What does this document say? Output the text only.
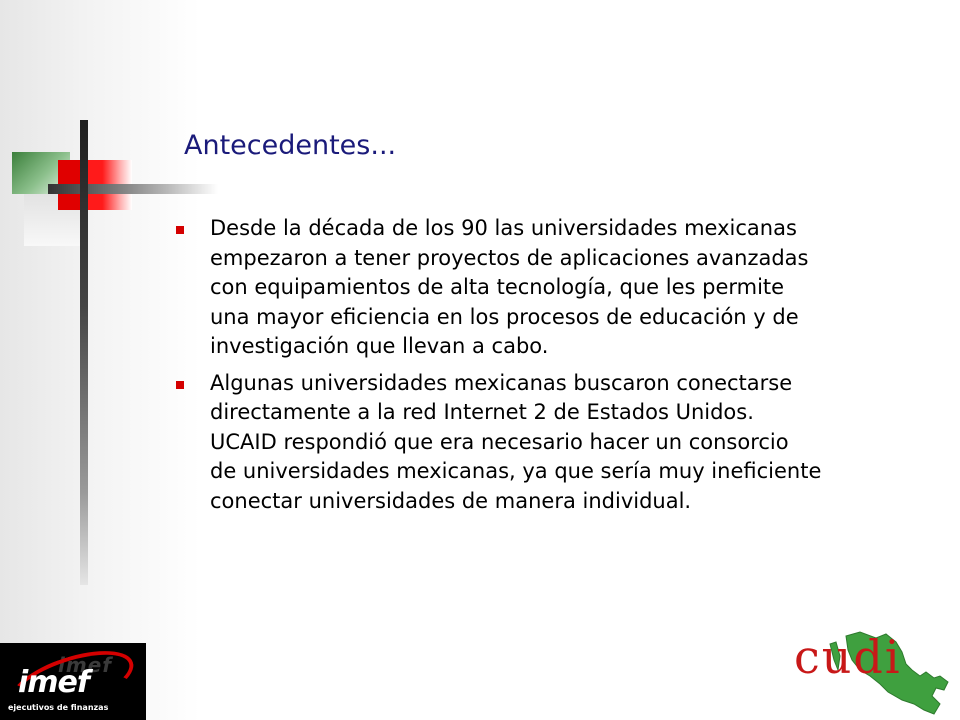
Antecedentes...
Desde la década de los 90 las universidades mexicanas
empezaron a tener proyectos de aplicaciones avanzadas
con equipamientos de alta tecnología, que les permite
una mayor eficiencia en los procesos de educación y de
investigación que llevan a cabo.
Algunas universidades mexicanas buscaron conectarse
directamente a la red Internet 2 de Estados Unidos.
UCAID respondió que era necesario hacer un consorcio
de universidades mexicanas, ya que sería muy ineficiente
conectar universidades de manera individual.
imef
imef
ejecutivos de finanzas
cudi
